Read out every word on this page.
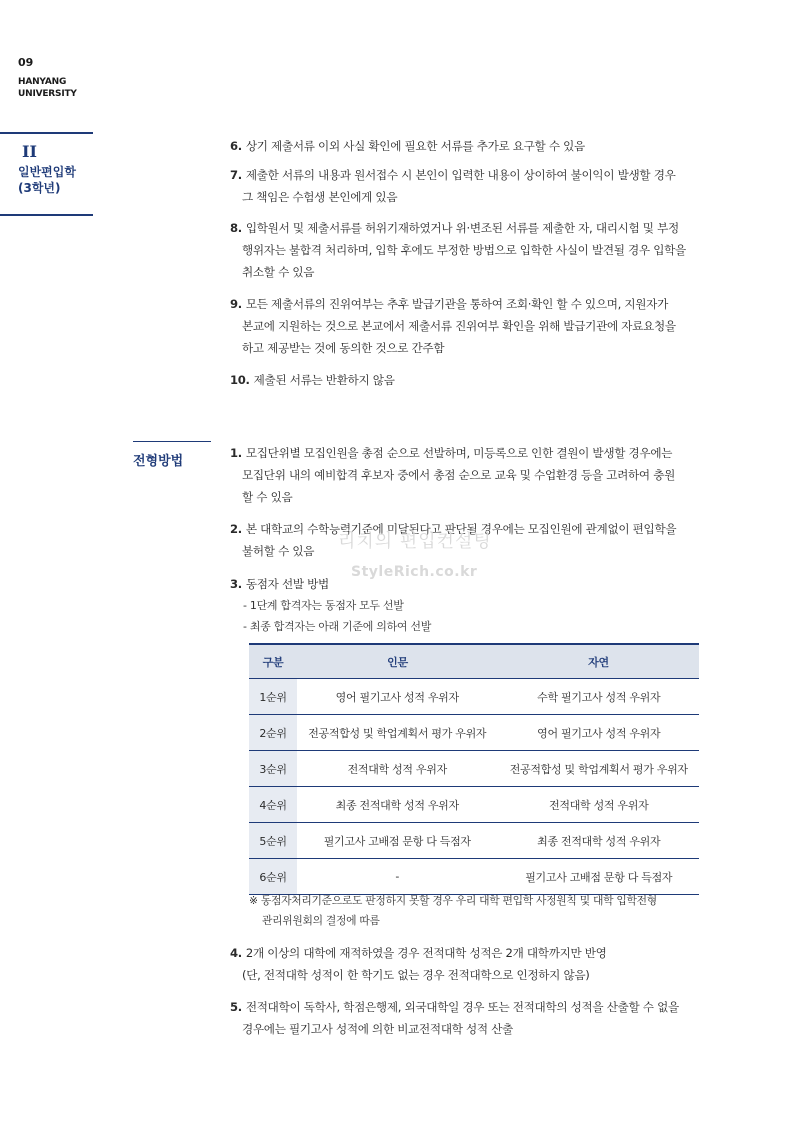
09
HANYANG
UNIVERSITY
II
일반편입학
(3학년)
6. 상기 제출서류 이외 사실 확인에 필요한 서류를 추가로 요구할 수 있음
7. 제출한 서류의 내용과 원서접수 시 본인이 입력한 내용이 상이하여 불이익이 발생할 경우
그 책임은 수험생 본인에게 있음
8. 입학원서 및 제출서류를 허위기재하였거나 위·변조된 서류를 제출한 자, 대리시험 및 부정
행위자는 불합격 처리하며, 입학 후에도 부정한 방법으로 입학한 사실이 발견될 경우 입학을
취소할 수 있음
9. 모든 제출서류의 진위여부는 추후 발급기관을 통하여 조회·확인 할 수 있으며, 지원자가
본교에 지원하는 것으로 본교에서 제출서류 진위여부 확인을 위해 발급기관에 자료요청을
하고 제공받는 것에 동의한 것으로 간주함
10. 제출된 서류는 반환하지 않음
전형방법
1. 모집단위별 모집인원을 총점 순으로 선발하며, 미등록으로 인한 결원이 발생할 경우에는
모집단위 내의 예비합격 후보자 중에서 총점 순으로 교육 및 수업환경 등을 고려하여 충원
할 수 있음
2. 본 대학교의 수학능력기준에 미달된다고 판단될 경우에는 모집인원에 관계없이 편입학을
불허할 수 있음	리치의 편입컨설팅
StyleRich.co.kr
3. 동점자 선발 방법
- 1단계 합격자는 동점자 모두 선발
- 최종 합격자는 아래 기준에 의하여 선발
구분	인문	자연
1순위	영어 필기고사 성적 우위자	수학 필기고사 성적 우위자
2순위	전공적합성 및 학업계획서 평가 우위자	영어 필기고사 성적 우위자
3순위	전적대학 성적 우위자	전공적합성 및 학업계획서 평가 우위자
4순위	최종 전적대학 성적 우위자	전적대학 성적 우위자
5순위	필기고사 고배점 문항 다 득점자	최종 전적대학 성적 우위자
6순위	-	필기고사 고배점 문항 다 득점자
※ 동점자처리기준으로도 판정하지 못할 경우 우리 대학 편입학 사정원칙 및 대학 입학전형
관리위원회의 결정에 따름
4. 2개 이상의 대학에 재적하였을 경우 전적대학 성적은 2개 대학까지만 반영
(단, 전적대학 성적이 한 학기도 없는 경우 전적대학으로 인정하지 않음)
5. 전적대학이 독학사, 학점은행제, 외국대학일 경우 또는 전적대학의 성적을 산출할 수 없을
경우에는 필기고사 성적에 의한 비교전적대학 성적 산출
